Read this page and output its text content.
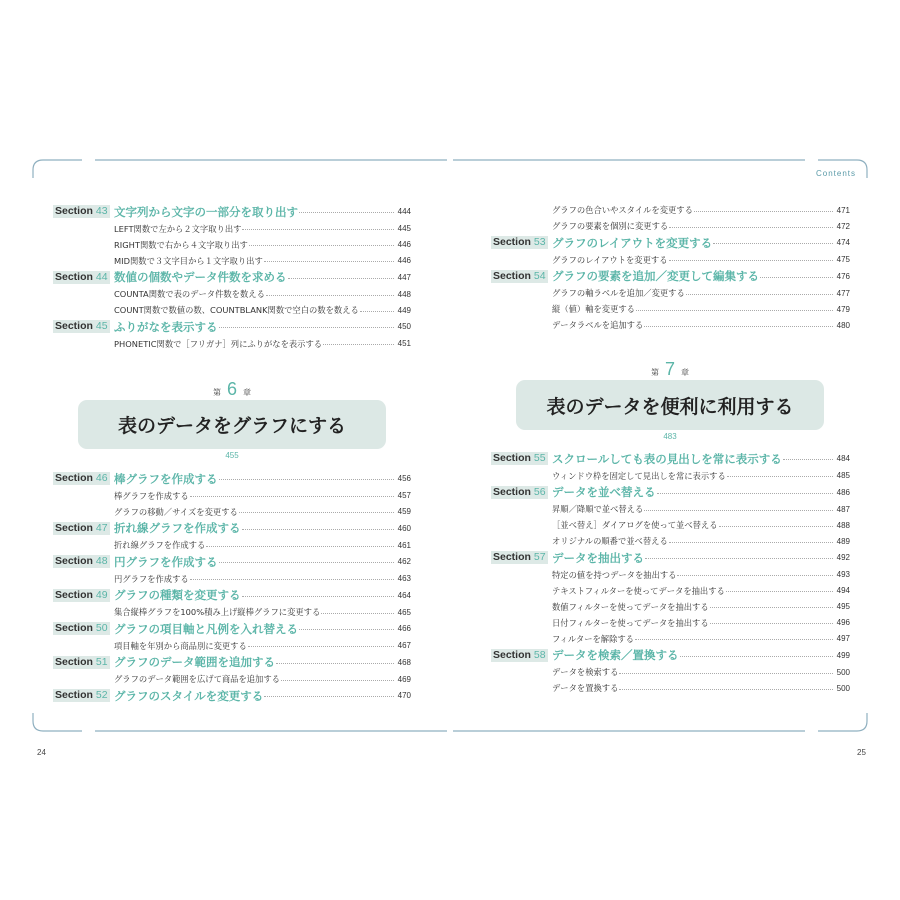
Contents
24	25
Section 43 文字列から文字の一部分を取り出す	444
LEFT関数で左から２文字取り出す	445
RIGHT関数で右から４文字取り出す	446
MID関数で３文字目から１文字取り出す	446
Section 44 数値の個数やデータ件数を求める	447
COUNTA関数で表のデータ件数を数える	448
COUNT関数で数値の数、COUNTBLANK関数で空白の数を数える	449
Section 45 ふりがなを表示する	450
PHONETIC関数で［フリガナ］列にふりがなを表示する	451
Section 46 棒グラフを作成する	456
棒グラフを作成する	457
グラフの移動／サイズを変更する	459
Section 47 折れ線グラフを作成する	460
折れ線グラフを作成する	461
Section 48 円グラフを作成する	462
円グラフを作成する	463
Section 49 グラフの種類を変更する	464
集合縦棒グラフを100%積み上げ縦棒グラフに変更する	465
Section 50 グラフの項目軸と凡例を入れ替える	466
項目軸を年別から商品別に変更する	467
Section 51 グラフのデータ範囲を追加する	468
グラフのデータ範囲を広げて商品を追加する	469
Section 52 グラフのスタイルを変更する	470
グラフの色合いやスタイルを変更する	471
グラフの要素を個別に変更する	472
Section 53 グラフのレイアウトを変更する	474
グラフのレイアウトを変更する	475
Section 54 グラフの要素を追加／変更して編集する	476
グラフの軸ラベルを追加／変更する	477
縦（値）軸を変更する	479
データラベルを追加する	480
Section 55 スクロールしても表の見出しを常に表示する	484
ウィンドウ枠を固定して見出しを常に表示する	485
Section 56 データを並べ替える	486
昇順／降順で並べ替える	487
［並べ替え］ダイアログを使って並べ替える	488
オリジナルの順番で並べ替える	489
Section 57 データを抽出する	492
特定の値を持つデータを抽出する	493
テキストフィルターを使ってデータを抽出する	494
数値フィルターを使ってデータを抽出する	495
日付フィルターを使ってデータを抽出する	496
フィルターを解除する	497
Section 58 データを検索／置換する	499
データを検索する	500
データを置換する	500
第 6 章
表のデータをグラフにする
455
第 7 章
表のデータを便利に利用する
483
